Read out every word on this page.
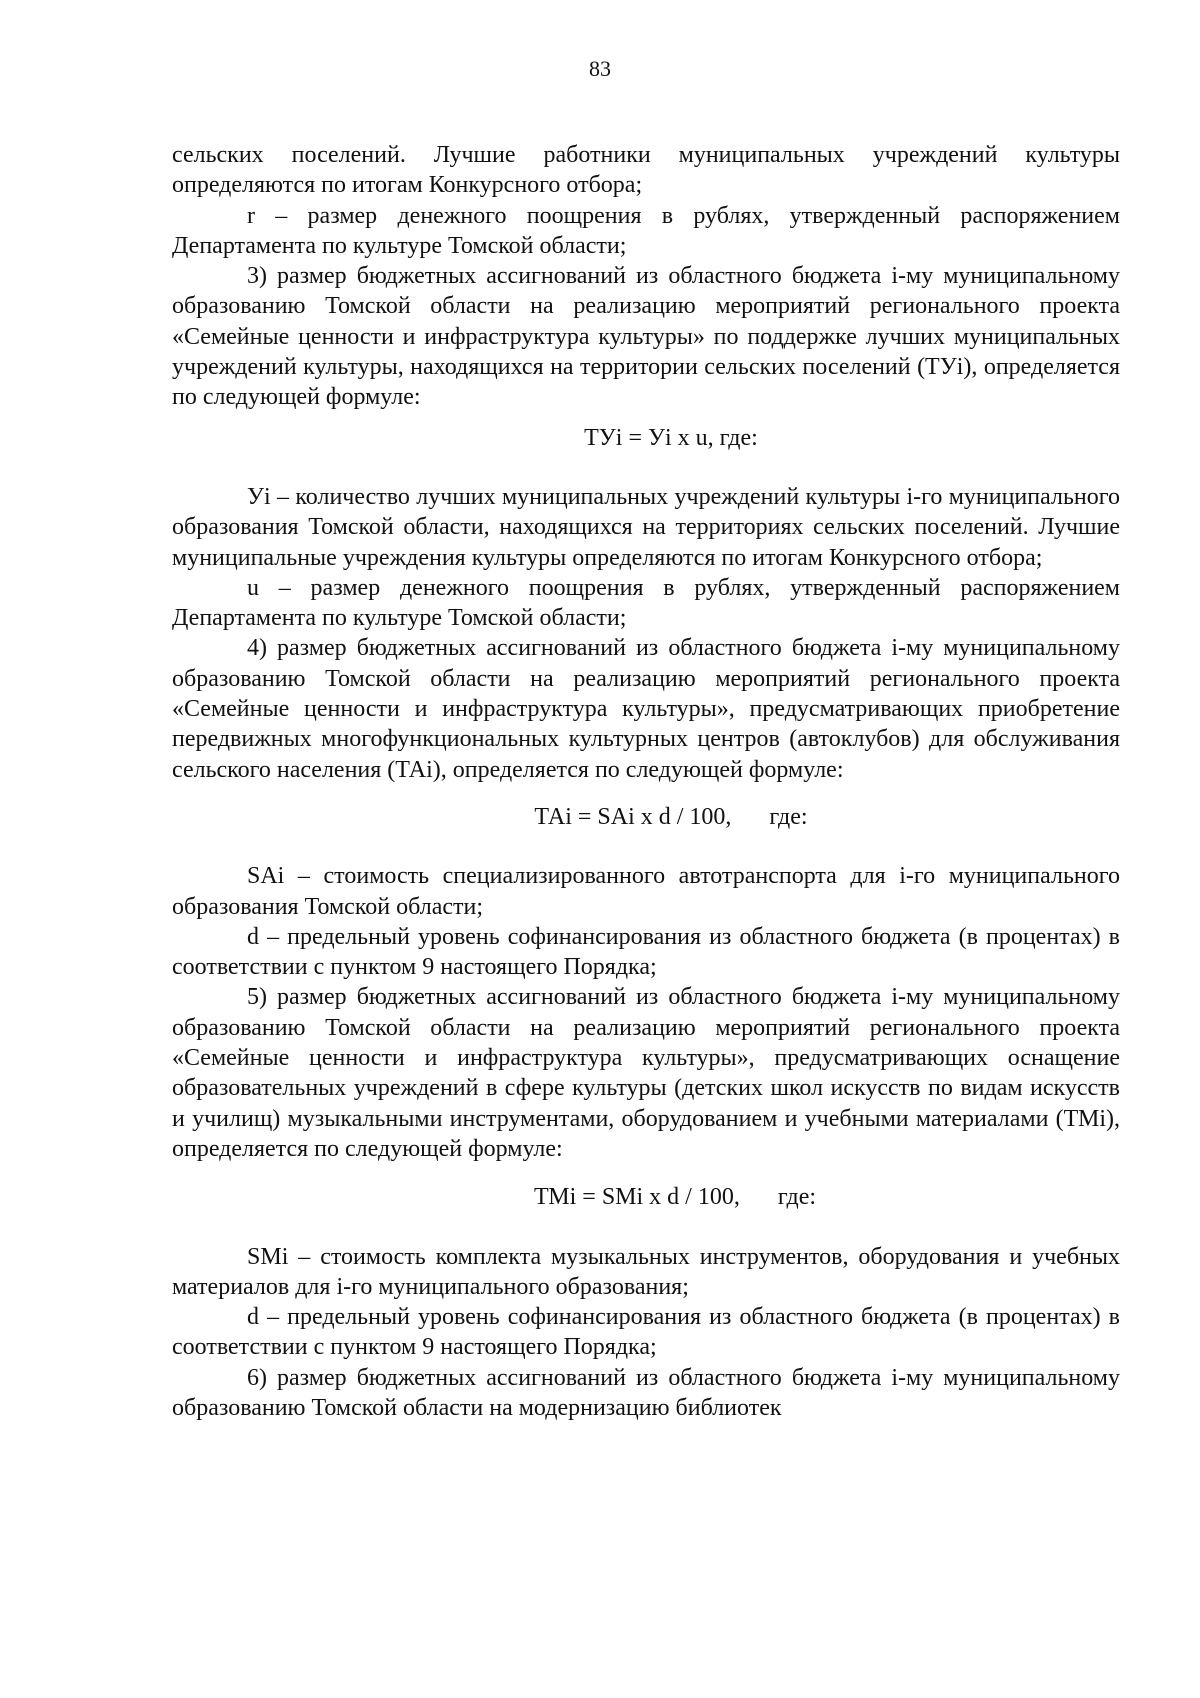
83

сельских поселений. Лучшие работники муниципальных учреждений культуры определяются по итогам Конкурсного отбора;

r – размер денежного поощрения в рублях, утвержденный распоряжением Департамента по культуре Томской области;

3) размер бюджетных ассигнований из областного бюджета i-му муниципальному образованию Томской области на реализацию мероприятий регионального проекта «Семейные ценности и инфраструктура культуры» по поддержке лучших муниципальных учреждений культуры, находящихся на территории сельских поселений (ТУi), определяется по следующей формуле:

ТУi = Уi x u, где:

Уi – количество лучших муниципальных учреждений культуры i-го муниципального образования Томской области, находящихся на территориях сельских поселений. Лучшие муниципальные учреждения культуры определяются по итогам Конкурсного отбора;

u – размер денежного поощрения в рублях, утвержденный распоряжением Департамента по культуре Томской области;

4) размер бюджетных ассигнований из областного бюджета i-му муниципальному образованию Томской области на реализацию мероприятий регионального проекта «Семейные ценности и инфраструктура культуры», предусматривающих приобретение передвижных многофункциональных культурных центров (автоклубов) для обслуживания сельского населения (ТАi), определяется по следующей формуле:

ТАi = SАi x d / 100, где:

SАi – стоимость специализированного автотранспорта для i-го муниципального образования Томской области;

d – предельный уровень софинансирования из областного бюджета (в процентах) в соответствии с пунктом 9 настоящего Порядка;

5) размер бюджетных ассигнований из областного бюджета i-му муниципальному образованию Томской области на реализацию мероприятий регионального проекта «Семейные ценности и инфраструктура культуры», предусматривающих оснащение образовательных учреждений в сфере культуры (детских школ искусств по видам искусств и училищ) музыкальными инструментами, оборудованием и учебными материалами (ТМi), определяется по следующей формуле:

ТМi = SМi x d / 100, где:

SМi – стоимость комплекта музыкальных инструментов, оборудования и учебных материалов для i-го муниципального образования;

d – предельный уровень софинансирования из областного бюджета (в процентах) в соответствии с пунктом 9 настоящего Порядка;

6) размер бюджетных ассигнований из областного бюджета i-му муниципальному образованию Томской области на модернизацию библиотек
